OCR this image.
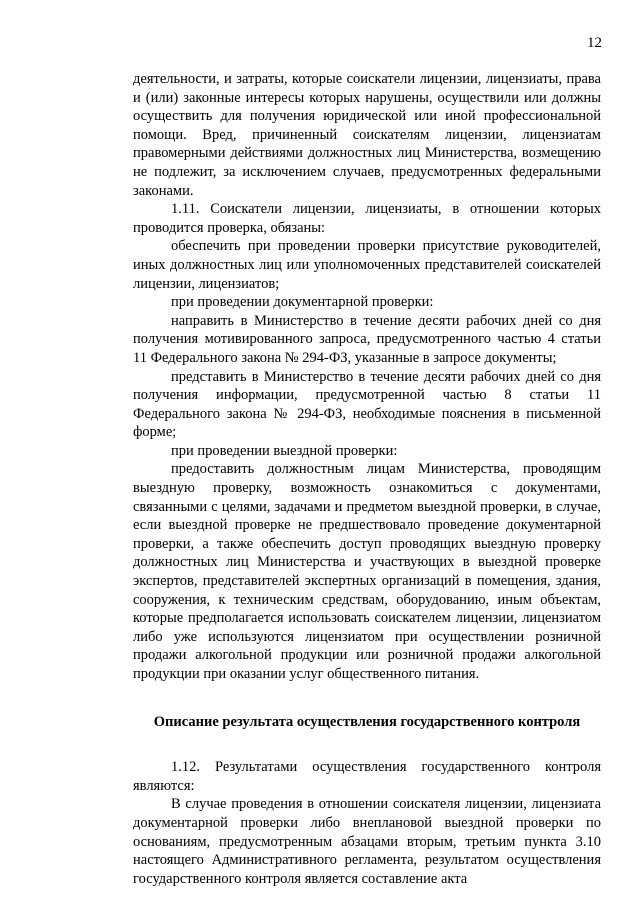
12

деятельности, и затраты, которые соискатели лицензии, лицензиаты, права и (или) законные интересы которых нарушены, осуществили или должны осуществить для получения юридической или иной профессиональной помощи. Вред, причиненный соискателям лицензии, лицензиатам правомерными действиями должностных лиц Министерства, возмещению не подлежит, за исключением случаев, предусмотренных федеральными законами.

1.11. Соискатели лицензии, лицензиаты, в отношении которых проводится проверка, обязаны:

обеспечить при проведении проверки присутствие руководителей, иных должностных лиц или уполномоченных представителей соискателей лицензии, лицензиатов;

при проведении документарной проверки:

направить в Министерство в течение десяти рабочих дней со дня получения мотивированного запроса, предусмотренного частью 4 статьи 11 Федерального закона № 294-ФЗ, указанные в запросе документы;

представить в Министерство в течение десяти рабочих дней со дня получения информации, предусмотренной частью 8 статьи 11 Федерального закона № 294-ФЗ, необходимые пояснения в письменной форме;

при проведении выездной проверки:

предоставить должностным лицам Министерства, проводящим выездную проверку, возможность ознакомиться с документами, связанными с целями, задачами и предметом выездной проверки, в случае, если выездной проверке не предшествовало проведение документарной проверки, а также обеспечить доступ проводящих выездную проверку должностных лиц Министерства и участвующих в выездной проверке экспертов, представителей экспертных организаций в помещения, здания, сооружения, к техническим средствам, оборудованию, иным объектам, которые предполагается использовать соискателем лицензии, лицензиатом либо уже используются лицензиатом при осуществлении розничной продажи алкогольной продукции или розничной продажи алкогольной продукции при оказании услуг общественного питания.

Описание результата осуществления государственного контроля

1.12. Результатами осуществления государственного контроля являются:

В случае проведения в отношении соискателя лицензии, лицензиата документарной проверки либо внеплановой выездной проверки по основаниям, предусмотренным абзацами вторым, третьим пункта 3.10 настоящего Административного регламента, результатом осуществления государственного контроля является составление акта
